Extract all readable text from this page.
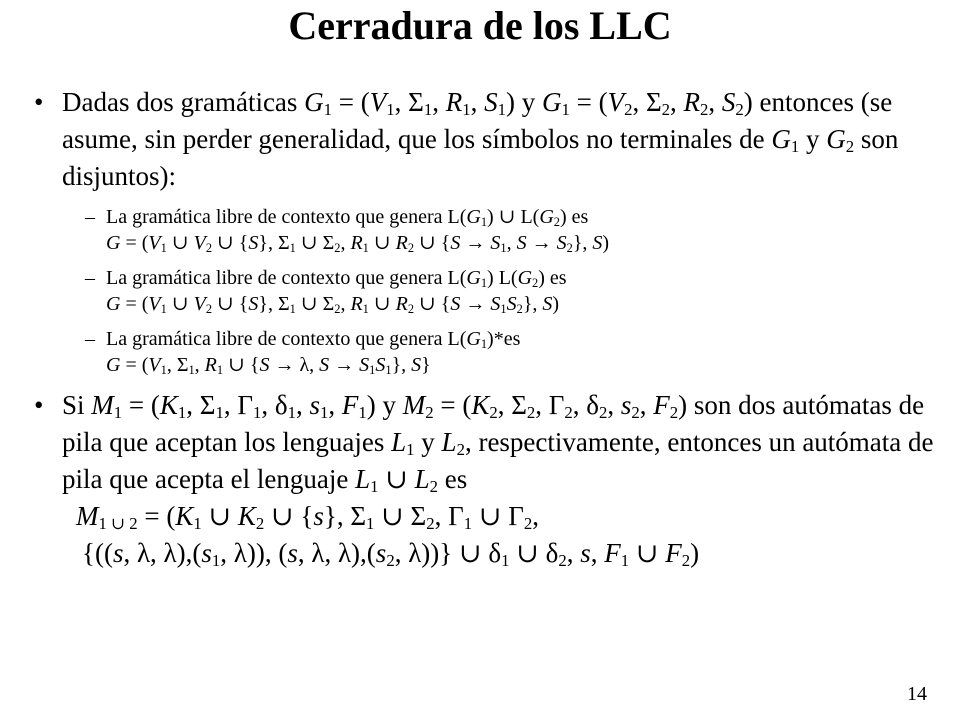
Cerradura de los LLC
• Dadas dos gramáticas $G_1 = (V_1$, $\Sigma_1$, $R_1$, $S_1$) y $G_1 = (V_2$, $\Sigma_2$, $R_2$, $S_2$) entonces (se asume, sin perder generalidad, que los símbolos no terminales de $G_1$ y $G_2$ son disjuntos):
– La gramática libre de contexto que genera $L(G_1)$ ∪ $L(G_2)$ es
$G = (V_1$ ∪ $V_2$ ∪ {S}, $\Sigma_1$ ∪ $\Sigma_2$, $R_1$ ∪ $R_2$ ∪ {$S \to S_1$, $S \to S_2$}, S)
– La gramática libre de contexto que genera $L(G_1)$ $L(G_2)$ es
$G = (V_1$ ∪ $V_2$ ∪ {S}, $\Sigma_1$ ∪ $\Sigma_2$, $R_1$ ∪ $R_2$ ∪ $\{S \to S_1S_2\}$, S)
– La gramática libre de contexto que genera $L(G_1)*es$
$G = (V_1$, $\Sigma_1$, $R_1$ ∪ {S → λ, $S \to S_1S_1$}, S}
• Si $M_1 = (K_1$, $\Sigma_1$, $\Gamma_1$, $\delta_1$, $s_1$, $F_1$) y $M_2 = (K_2$, $\Sigma_2$, $\Gamma_2$, $\delta_2$, $s_2$, $F_2$) son dos autómatas de pila que aceptan los lenguajes $L_1$ y $L_2$, respectivamente, entonces un autómata de pila que acepta el lenguaje $L_1$ ∪ $L_2$ es
$M_{1 \cup 2} = (K_1$ ∪ $K_2$ ∪ {s}, $\Sigma_1$ ∪ $\Sigma_2$, $\Gamma_1$ ∪ $\Gamma_2$,
{((s, λ, $\lambda),(s_1$, λ)), (s, λ, $\lambda),(s_2$, λ))} ∪ $\delta_1$ ∪ $\delta_2$, s, $F_1$ ∪ $F_2$)
14
